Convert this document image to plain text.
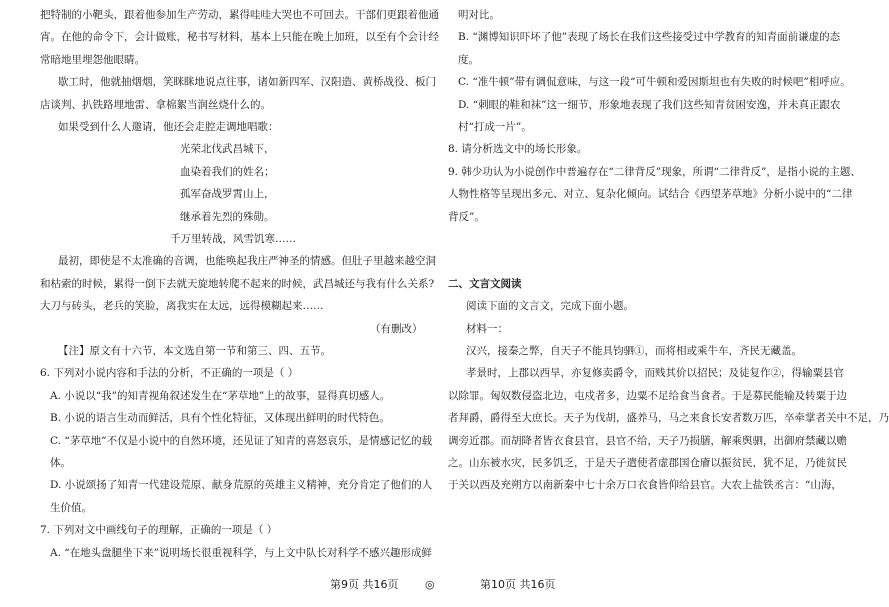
把特制的小靶头，跟着他参加生产劳动，累得哇哇大哭也不可回去。干部们更跟着他通
宵。在他的命令下，会计做账，秘书写材料，基本上只能在晚上加班，以至有个会计经
常暗地里埋怨他眼睛。
歇工时，他就抽烟烟，笑眯眯地说点往事，诸如新四军、汉阳造、黄桥战役、板门
店谈判、扒铁路埋地雷、拿棉絮当润丝烧什么的。
如果受到什么人邀请，他还会走腔走调地唱歌：
光荣北伐武昌城下，
血染着我们的姓名；
孤军奋战罗霄山上，
继承着先烈的殊勋。
千万里转战，风雪饥寒……
最初，即使是不太准确的音调，也能唤起我庄严神圣的情感。但肚子里越来越空洞
和枯索的时候，累得一倒下去就天旋地转爬不起来的时候，武昌城还与我有什么关系?
大刀与砖头，老兵的笑脸，离我实在太远，远得模糊起来……
（有删改）
【注】原文有十六节，本文选自第一节和第三、四、五节。
6. 下列对小说内容和手法的分析，不正确的一项是（ ）
A. 小说以“我”的知青视角叙述发生在“茅草地”上的故事，显得真切感人。
B. 小说的语言生动而鲜活，具有个性化特征，又体现出鲜明的时代特色。
C. “茅草地”不仅是小说中的自然环境，还见证了知青的喜怒哀乐，是情感记忆的载
体。
D. 小说颂扬了知青一代建设荒原、献身荒原的英雄主义精神，充分肯定了他们的人
生价值。
7. 下列对文中画线句子的理解，正确的一项是（ ）
A. “在地头盘腿坐下来”说明场长很重视科学，与上文中队长对科学不感兴趣形成鲜
明对比。
B. “渊博知识吓坏了他”表现了场长在我们这些接受过中学教育的知青面前谦虚的态
度。
C. “准牛顿”带有调侃意味，与这一段“可牛顿和爱因斯坦也有失败的时候吧”相呼应。
D. “刺眼的鞋和袜”这一细节，形象地表现了我们这些知青贫困安逸，并未真正跟农
村“打成一片”。
8. 请分析选文中的场长形象。
9. 韩少功认为小说创作中普遍存在“二律背反”现象，所谓“二律背反”，是指小说的主题、
人物性格等呈现出多元、对立、复杂化倾向。试结合《西望茅草地》分析小说中的“二律
背反”。
二、文言文阅读
阅读下面的文言文，完成下面小题。
材料一：
汉兴，接秦之弊，自天子不能具钧驷①，而将相或乘牛车，齐民无藏盖。
孝景时，上郡以西旱，亦复修卖爵令，而贱其价以招民；及徒复作②，得输粟县官
以除罪。匈奴数侵盗北边，屯戍者多，边粟不足给食当食者。于是募民能输及转粟于边
者拜爵，爵得至大庶长。天子为伐胡，盛养马，马之来食长安者数万匹，卒牵掌者关中不足，乃
调旁近郡。而胡降者皆衣食县官，县官不给，天子乃损膳，解乘舆驷，出御府禁藏以赡
之。山东被水灾，民多饥乏，于是天子遣使者虚郡国仓廥以振贫民，犹不足，乃徙贫民
于关以西及充朔方以南新秦中七十余万口衣食皆仰给县官。大农上盐铁丞言：“山海，
第9页 共16页 ◎	第10页 共16页
